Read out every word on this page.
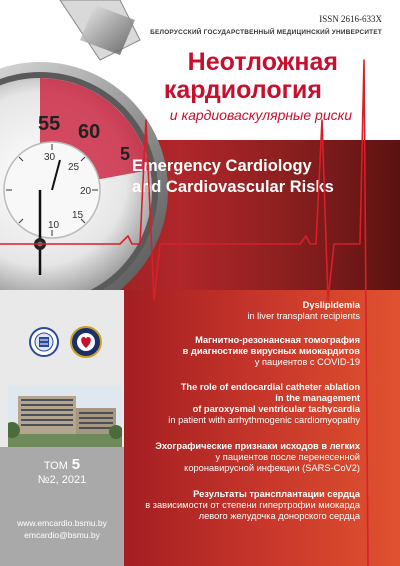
55 60
5
30
25
20
15
10
ISSN 2616-633X
БЕЛОРУССКИЙ ГОСУДАРСТВЕННЫЙ МЕДИЦИНСКИЙ УНИВЕРСИТЕТ
Неотложная
кардиология
и кардиоваскулярные риски
Emergency Cardiology
and Cardiovascular Risks
ТОМ 5
№2, 2021
www.emcardio.bsmu.by
emcardio@bsmu.by
Dyslipidemia
in liver transplant recipients
Магнитно-резонансная томография
в диагностике вирусных миокардитов
у пациентов с COVID-19
The role of endocardial catheter ablation
in the management
of paroxysmal ventricular tachycardia
in patient with arrhythmogenic cardiomyopathy
Эхографические признаки исходов в легких
у пациентов после перенесенной
коронавирусной инфекции (SARS-CoV2)
Результаты трансплантации сердца
в зависимости от степени гипертрофии миокарда
левого желудочка донорского сердца
